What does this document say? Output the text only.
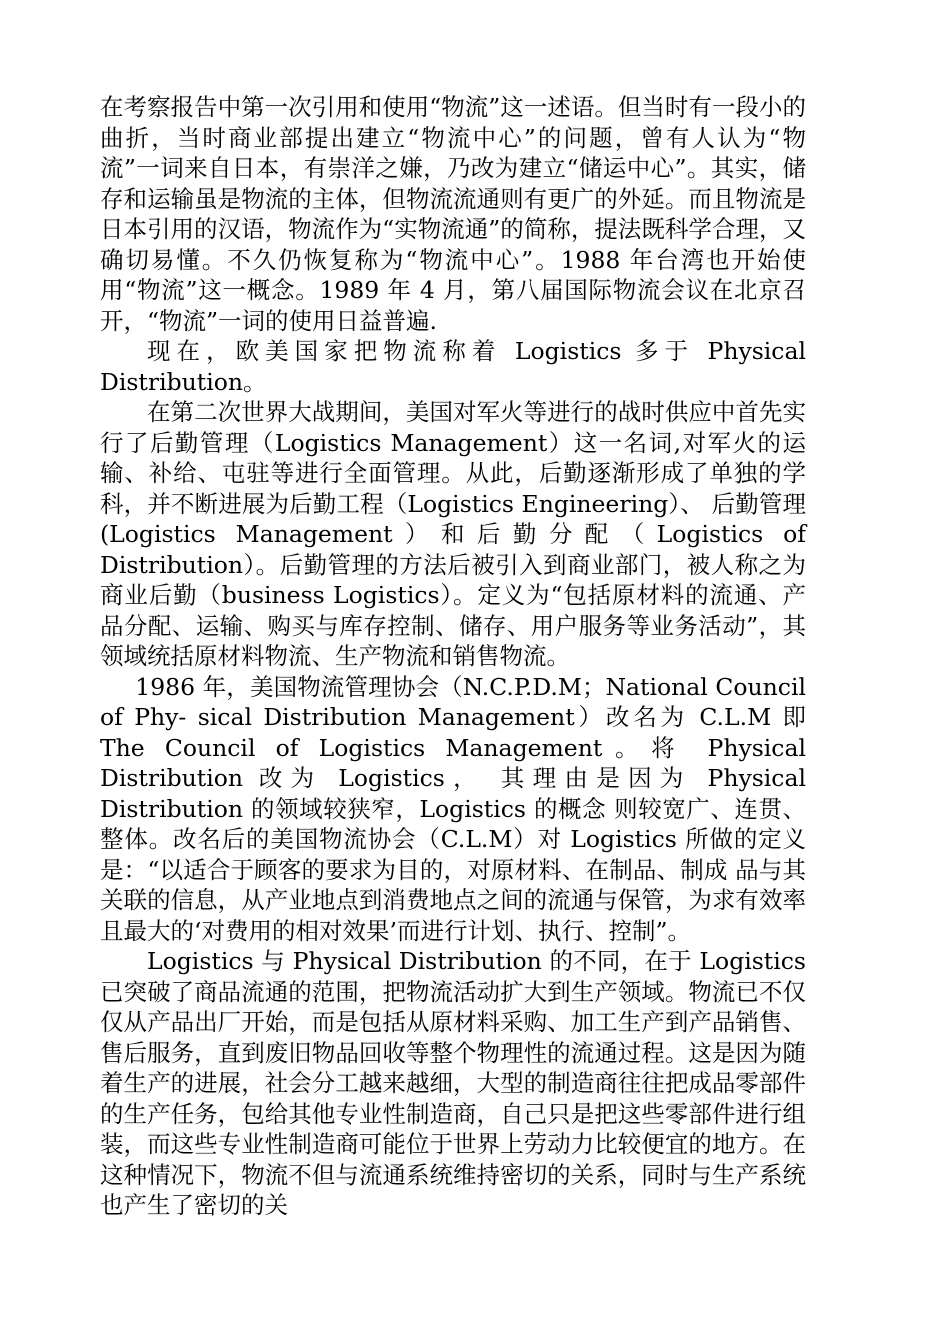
在考察报告中第一次引用和使用“物流”这一述语。但当时有一段小的曲折，当时商业部提出建立“物流中心”的问题，曾有人认为“物流”一词来自日本，有崇洋之嫌，乃改为建立“储运中心”。其实，储存和运输虽是物流的主体，但物流流通则有更广的外延。而且物流是日本引用的汉语，物流作为“实物流通”的简称，提法既科学合理，又确切易懂。不久仍恢复称为“物流中心”。1988 年台湾也开始使用“物流”这一概念。1989 年 4 月，第八届国际物流会议在北京召开，“物流”一词的使用日益普遍.

现在，欧美国家把物流称着 Logistics 多于 Physical Distribution。

在第二次世界大战期间，美国对军火等进行的战时供应中首先实行了后勤管理（Logistics Management）这一名词,对军火的运输、补给、屯驻等进行全面管理。从此，后勤逐渐形成了单独的学科，并不断进展为后勤工程（Logistics Engineering）、 后勤管理(Logistics Management）和后勤分配（Logistics of Distribution）。后勤管理的方法后被引入到商业部门，被人称之为商业后勤（business Logistics）。定义为“包括原材料的流通、产品分配、运输、购买与库存控制、储存、用户服务等业务活动”，其领域统括原材料物流、生产物流和销售物流。

1986 年，美国物流管理协会（N.C.P.D.M；National Council of Phy- sical Distribution Management）改名为 C.L.M 即 The Council of Logistics Management。将 Physical Distribution 改为 Logistics， 其理由是因为 Physical Distribution 的领域较狭窄，Logistics 的概念 则较宽广、连贯、整体。改名后的美国物流协会（C.L.M）对 Logistics 所做的定义是：“以适合于顾客的要求为目的，对原材料、在制品、制成 品与其关联的信息，从产业地点到消费地点之间的流通与保管，为求有效率且最大的‘对费用的相对效果’而进行计划、执行、控制”。

Logistics 与 Physical Distribution 的不同，在于 Logistics 已突破了商品流通的范围，把物流活动扩大到生产领域。物流已不仅仅从产品出厂开始，而是包括从原材料采购、加工生产到产品销售、售后服务，直到废旧物品回收等整个物理性的流通过程。这是因为随着生产的进展，社会分工越来越细，大型的制造商往往把成品零部件的生产任务，包给其他专业性制造商，自己只是把这些零部件进行组装，而这些专业性制造商可能位于世界上劳动力比较便宜的地方。在这种情况下，物流不但与流通系统维持密切的关系，同时与生产系统也产生了密切的关
